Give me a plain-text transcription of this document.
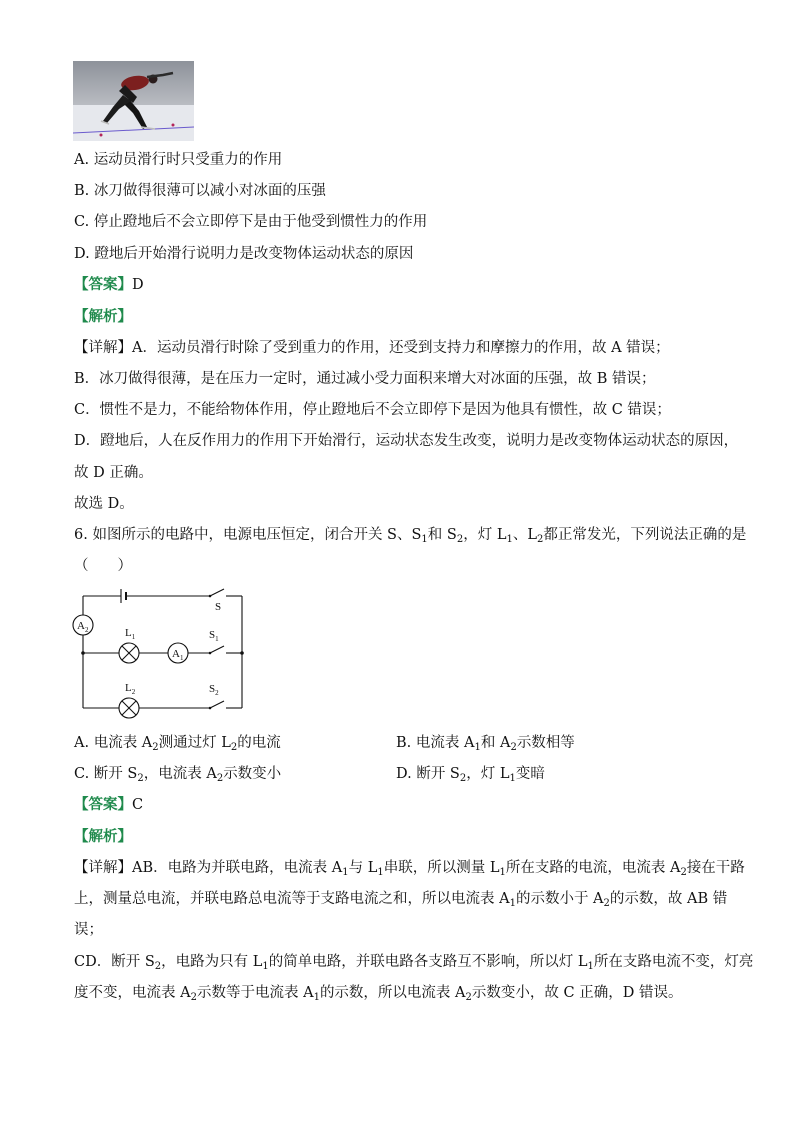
A. 运动员滑行时只受重力的作用
B. 冰刀做得很薄可以减小对冰面的压强
C. 停止蹬地后不会立即停下是由于他受到惯性力的作用
D. 蹬地后开始滑行说明力是改变物体运动状态的原因
【答案】D
【解析】
【详解】A．运动员滑行时除了受到重力的作用，还受到支持力和摩擦力的作用，故 A 错误；
B．冰刀做得很薄，是在压力一定时，通过减小受力面积来增大对冰面的压强，故 B 错误；
C．惯性不是力，不能给物体作用，停止蹬地后不会立即停下是因为他具有惯性，故 C 错误；
D．蹬地后，人在反作用力的作用下开始滑行，运动状态发生改变，说明力是改变物体运动状态的原因，
故 D 正确。
故选 D。
6. 如图所示的电路中，电源电压恒定，闭合开关 S、$S_1$和 $S_2$，灯 $L_1$、$L_2$都正常发光，下列说法正确的是
（　　）
$A_2$
$A_1$
$L_1$
$L_2$
S
$S_1$
$S_2$
A. 电流表 $A_2$测通过灯 $L_2$的电流	B. 电流表 $A_1$和 $A_2$示数相等
C. 断开 $S_2$，电流表 $A_2$示数变小	D. 断开 $S_2$，灯 $L_1$变暗
【答案】C
【解析】
【详解】AB．电路为并联电路，电流表 $A_1$与 $L_1$串联，所以测量 $L_1$所在支路的电流，电流表 $A_2$接在干路
上，测量总电流，并联电路总电流等于支路电流之和，所以电流表 $A_1$的示数小于 $A_2$的示数，故 AB 错
误；
CD．断开 $S_2$，电路为只有 $L_1$的简单电路，并联电路各支路互不影响，所以灯 $L_1$所在支路电流不变，灯亮
度不变，电流表 $A_2$示数等于电流表 $A_1$的示数，所以电流表 $A_2$示数变小，故 C 正确，D 错误。
